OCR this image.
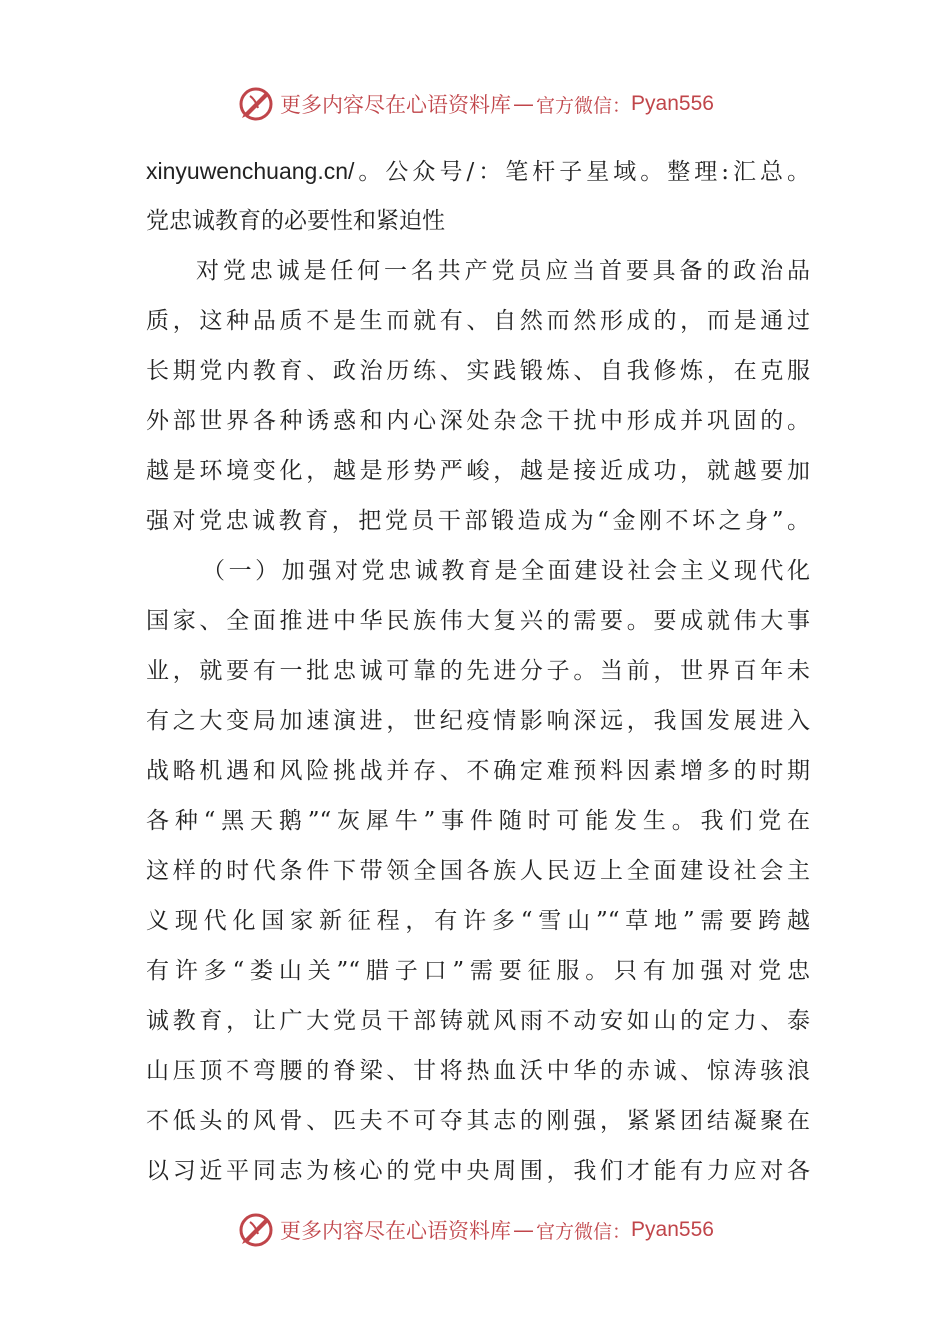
更多内容尽在心语资料库 — 官方微信： Pyan556
xinyuwenchuang.cn/。公众号/：笔杆子星域。整理:汇总。
党忠诚教育的必要性和紧迫性
对党忠诚是任何一名共产党员应当首要具备的政治品
质，这种品质不是生而就有、自然而然形成的，而是通过
长期党内教育、政治历练、实践锻炼、自我修炼，在克服
外部世界各种诱惑和内心深处杂念干扰中形成并巩固的。
越是环境变化，越是形势严峻，越是接近成功，就越要加
强对党忠诚教育，把党员干部锻造成为“金刚不坏之身”。
（一）加强对党忠诚教育是全面建设社会主义现代化
国家、全面推进中华民族伟大复兴的需要。要成就伟大事
业，就要有一批忠诚可靠的先进分子。当前，世界百年未
有之大变局加速演进，世纪疫情影响深远，我国发展进入
战略机遇和风险挑战并存、不确定难预料因素增多的时期
各种“黑天鹅”“灰犀牛”事件随时可能发生。我们党在
这样的时代条件下带领全国各族人民迈上全面建设社会主
义现代化国家新征程，有许多“雪山”“草地”需要跨越
有许多“娄山关”“腊子口”需要征服。只有加强对党忠
诚教育，让广大党员干部铸就风雨不动安如山的定力、泰
山压顶不弯腰的脊梁、甘将热血沃中华的赤诚、惊涛骇浪
不低头的风骨、匹夫不可夺其志的刚强，紧紧团结凝聚在
以习近平同志为核心的党中央周围，我们才能有力应对各
更多内容尽在心语资料库 — 官方微信： Pyan556
